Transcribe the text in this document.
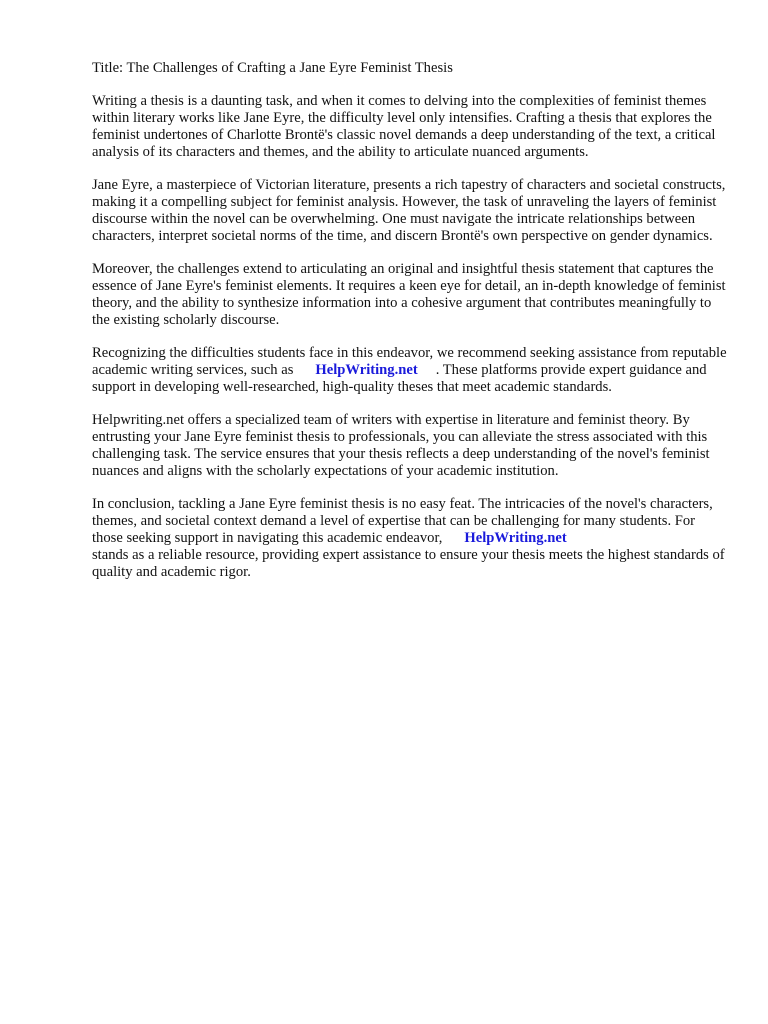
Title: The Challenges of Crafting a Jane Eyre Feminist Thesis

Writing a thesis is a daunting task, and when it comes to delving into the complexities of feminist themes within literary works like Jane Eyre, the difficulty level only intensifies. Crafting a thesis that explores the feminist undertones of Charlotte Brontë's classic novel demands a deep understanding of the text, a critical analysis of its characters and themes, and the ability to articulate nuanced arguments.

Jane Eyre, a masterpiece of Victorian literature, presents a rich tapestry of characters and societal constructs, making it a compelling subject for feminist analysis. However, the task of unraveling the layers of feminist discourse within the novel can be overwhelming. One must navigate the intricate relationships between characters, interpret societal norms of the time, and discern Brontë's own perspective on gender dynamics.

Moreover, the challenges extend to articulating an original and insightful thesis statement that captures the essence of Jane Eyre's feminist elements. It requires a keen eye for detail, an in-depth knowledge of feminist theory, and the ability to synthesize information into a cohesive argument that contributes meaningfully to the existing scholarly discourse.

Recognizing the difficulties students face in this endeavor, we recommend seeking assistance from reputable academic writing services, such as HelpWriting.net . These platforms provide expert guidance and support in developing well-researched, high-quality theses that meet academic standards.

Helpwriting.net offers a specialized team of writers with expertise in literature and feminist theory. By entrusting your Jane Eyre feminist thesis to professionals, you can alleviate the stress associated with this challenging task. The service ensures that your thesis reflects a deep understanding of the novel's feminist nuances and aligns with the scholarly expectations of your academic institution.

In conclusion, tackling a Jane Eyre feminist thesis is no easy feat. The intricacies of the novel's characters, themes, and societal context demand a level of expertise that can be challenging for many students. For those seeking support in navigating this academic endeavor, HelpWriting.net
stands as a reliable resource, providing expert assistance to ensure your thesis meets the highest standards of quality and academic rigor.
